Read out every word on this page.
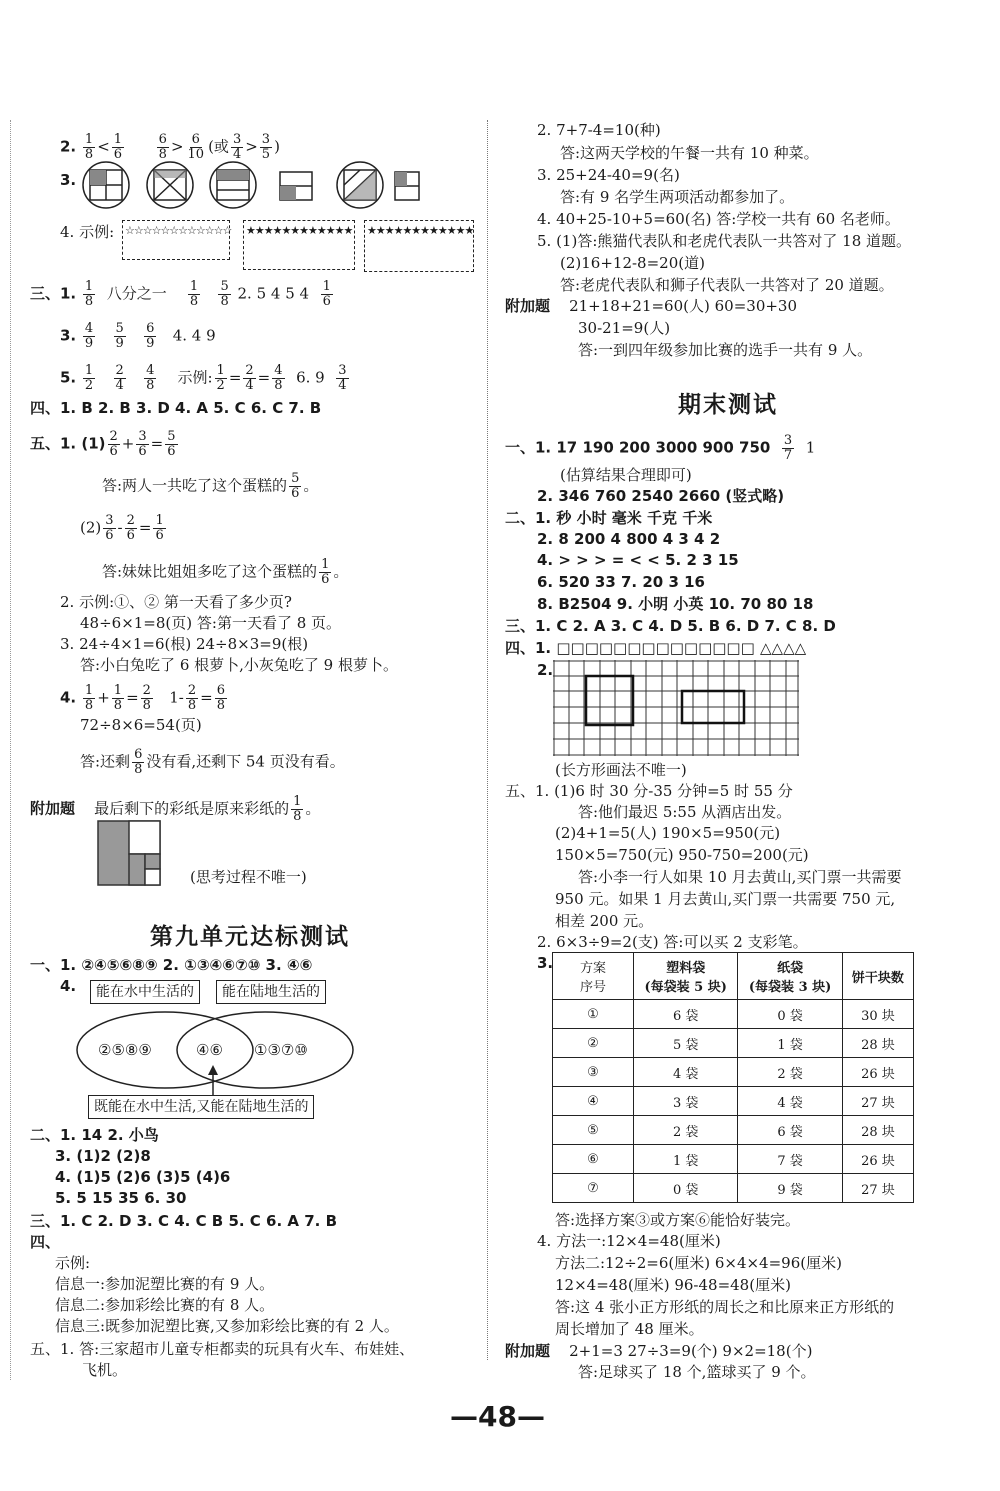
2. $\frac{1}{8} < \frac{1}{6}$
	$\frac{6}{8} > \frac{6}{10}$ (或 $\frac{3}{4} > \frac{3}{5}$ )
3.
4. 示例: ☆☆☆☆☆☆☆☆☆☆☆☆ ★★★★★★★★★★★★ ★★★★★★★★★★★★
三、1. $\frac{1}{8}$ 八分之一 $\frac{1}{8}$
$\frac{5}{8} 2$. 5 4 5 $4 \frac{1}{6}$
3. $\frac{4}{9}$
$\frac{5}{9}$
$\frac{6}{9} 4$. 4 9
5. $\frac{1}{2}$
$\frac{2}{4}$
$\frac{4}{8}$ 示例: $\frac{1}{2} = \frac{2}{4} = \frac{4}{8} 6$. $9 \frac{3}{4}$
四、1. B 2. B 3. D 4. A 5. C 6. C 7. B
五、1. $(1) \frac{2}{6} + \frac{3}{6} = \frac{5}{6}$
答:两人一共吃了这个蛋糕的 $\frac{5}{6}$ 。
$(2) \frac{3}{6} - \frac{2}{6} = \frac{1}{6}$
答:妹妹比姐姐多吃了这个蛋糕的 $\frac{1}{6}$ 。
2. 示例:①、② 第一天看了多少页?
48÷6×1=8(页) 答:第一天看了 8 页。
3. 24÷4×1=6(根) 24÷8×3=9(根)
答:小白兔吃了 6 根萝卜,小灰兔吃了 9 根萝卜。
4. $\frac{1}{8} + \frac{1}{8} = \frac{2}{8} 1- \frac{2}{8} = \frac{6}{8}$
72÷8×6=54(页)
答:还剩 $\frac{6}{8}$ 没有看,还剩下 54 页没有看。
附加题 最后剩下的彩纸是原来彩纸的 $\frac{1}{8}$ 。
(思考过程不唯一)
第九单元达标测试
一、1. ②④⑤⑥⑧⑨ 2. ①③④⑥⑦⑩ 3. ④⑥
4.	能在水中生活的	能在陆地生活的
②⑤⑧⑨	④⑥ ①③⑦⑩
既能在水中生活,又能在陆地生活的
二、1. 14 2. 小鸟
3. (1)2 (2)8
4. (1)5 (2)6 (3)5 (4)6
5. 5 15 35 6. 30
三、1. C 2. D 3. C 4. C B 5. C 6. A 7. B
四、
示例:
信息一:参加泥塑比赛的有 9 人。
信息二:参加彩绘比赛的有 8 人。
信息三:既参加泥塑比赛,又参加彩绘比赛的有 2 人。
五、1. 答:三家超市儿童专柜都卖的玩具有火车、布娃娃、
飞机。
2. 7+7-4=10(种)
答:这两天学校的午餐一共有 10 种菜。
3. 25+24-40=9(名)
答:有 9 名学生两项活动都参加了。
4. 40+25-10+5=60(名) 答:学校一共有 60 名老师。
5. (1)答:熊猫代表队和老虎代表队一共答对了 18 道题。
(2)16+12-8=20(道)
答:老虎代表队和狮子代表队一共答对了 20 道题。
附加题 21+18+21=60(人) 60=30+30
30-21=9(人)
答:一到四年级参加比赛的选手一共有 9 人。
期末测试
一、1. 17 190 200 3000 900 $750 \frac{3}{7} 1$
(估算结果合理即可)
2. 346 760 2540 2660 (竖式略)
二、1. 秒 小时 毫米 千克 千米
2. 8 200 4 800 4 3 4 2
4. > > > = < < 5. 2 3 15
6. 520 33 7. 20 3 16
8. B2504 9. 小明 小英 10. 70 80 18
三、1. C 2. A 3. C 4. D 5. B 6. D 7. C 8. D
四、1. □□□□□□□□□□□□□□ △△△△
2.
(长方形画法不唯一)
五、1. (1)6 时 30 分-35 分钟=5 时 55 分
答:他们最迟 5:55 从酒店出发。
(2)4+1=5(人) 190×5=950(元)
150×5=750(元) 950-750=200(元)
答:小李一行人如果 10 月去黄山,买门票一共需要
950 元。如果 1 月去黄山,买门票一共需要 750 元,
相差 200 元。
2. 6×3÷9=2(支) 答:可以买 2 支彩笔。
3. 方案
序号	塑料袋
(每袋装 5 块)	纸袋
(每袋装 3 块)	饼干块数
①	6 袋	0 袋	30 块
②	5 袋	1 袋	28 块
③	4 袋	2 袋	26 块
④	3 袋	4 袋	27 块
⑤	2 袋	6 袋	28 块
⑥	1 袋	7 袋	26 块
⑦	0 袋	9 袋	27 块
答:选择方案③或方案⑥能恰好装完。
4. 方法一:12×4=48(厘米)
方法二:12÷2=6(厘米) 6×4×4=96(厘米)
12×4=48(厘米) 96-48=48(厘米)
答:这 4 张小正方形纸的周长之和比原来正方形纸的
周长增加了 48 厘米。
附加题 2+1=3 27÷3=9(个) 9×2=18(个)
答:足球买了 18 个,篮球买了 9 个。
—48—
